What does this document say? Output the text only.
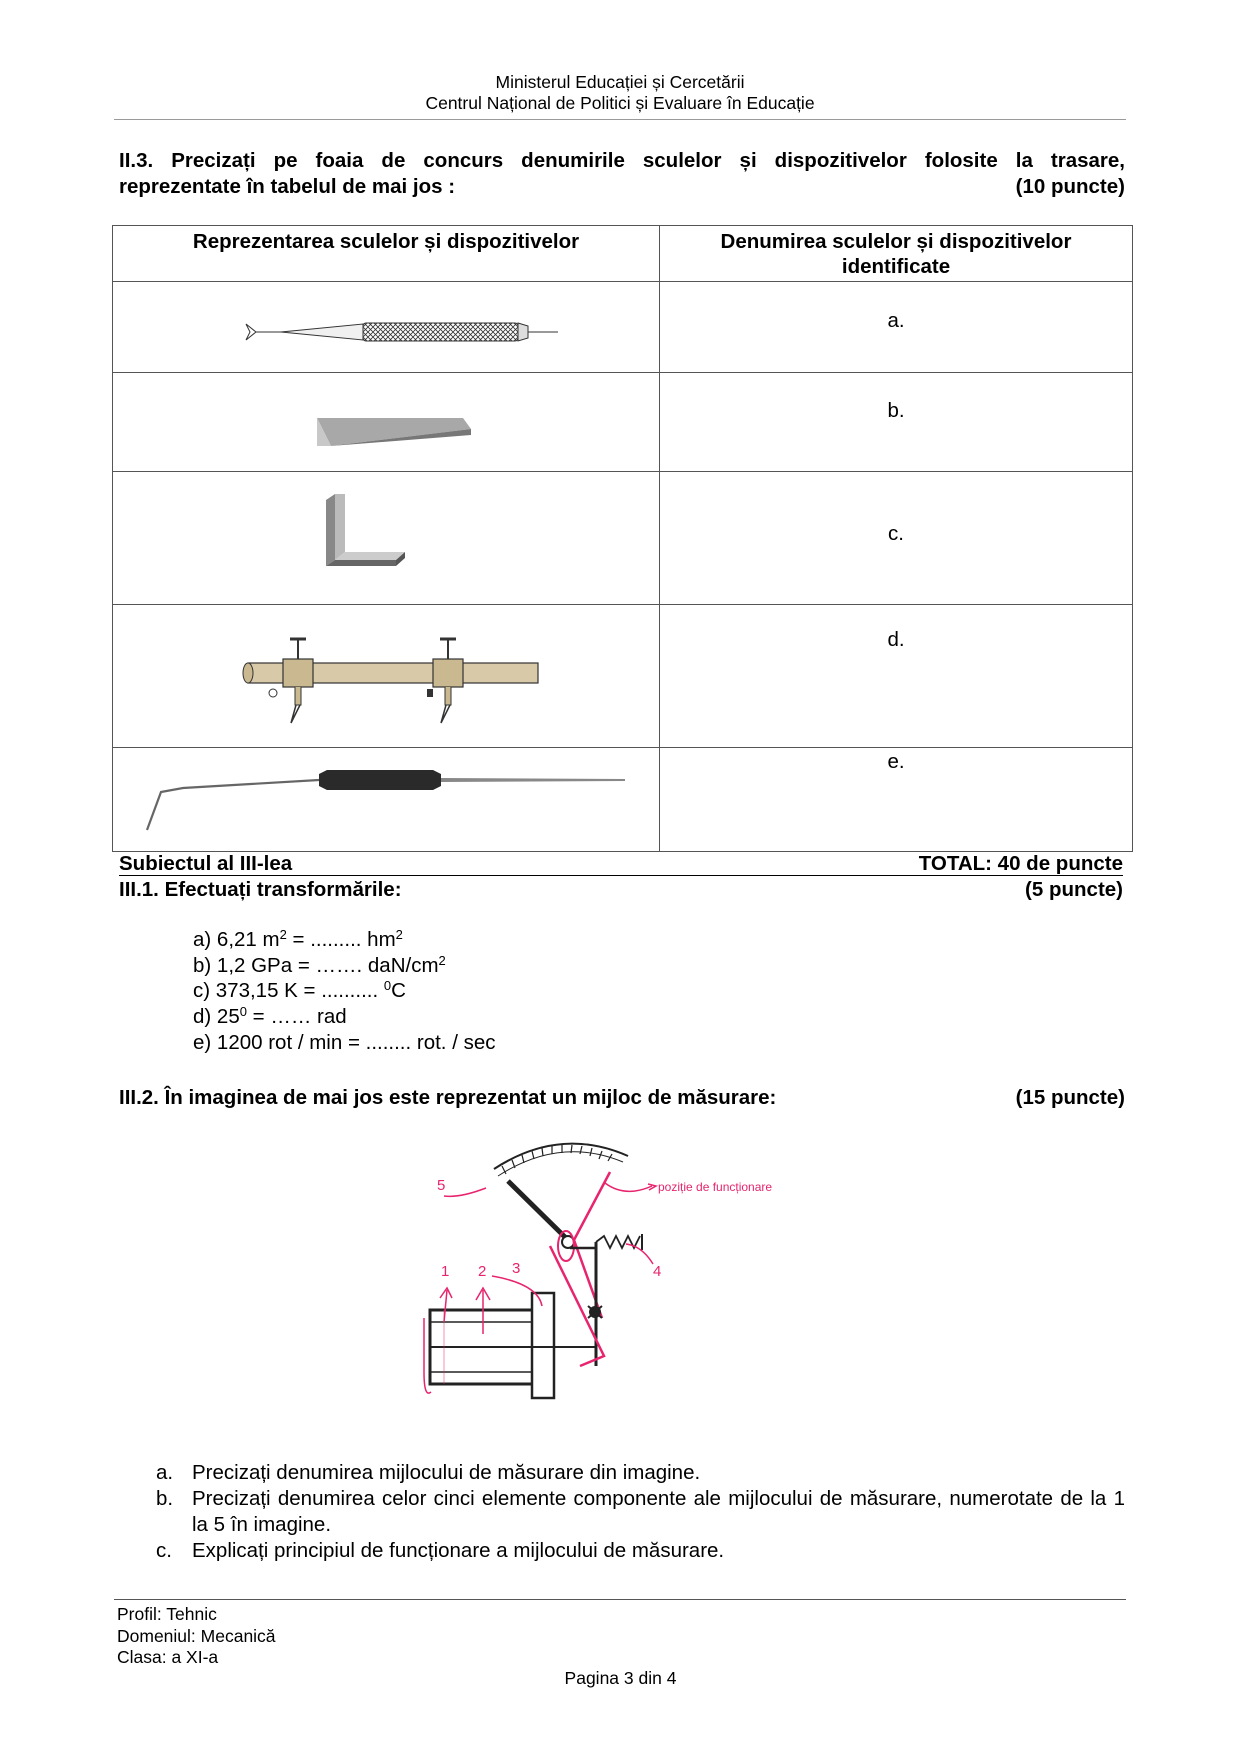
Ministerul Educației și Cercetării
Centrul Național de Politici și Evaluare în Educație
II.3. Precizați pe foaia de concurs denumirile sculelor și dispozitivelor folosite la trasare,
reprezentate în tabelul de mai jos :	(10 puncte)
Reprezentarea sculelor și dispozitivelor	Denumirea sculelor și dispozitivelor
identificate

a.

b.

c.

d.

e.
Subiectul al III-lea	TOTAL: 40 de puncte
III.1. Efectuați transformările:	(5 puncte)
a) 6,21 $m^2$ = ......... $hm^2$
b) 1,2 GPa = ……. daN/$cm^2$
c) 373,15 K = .......... $^0$C
d) $25^0$ = …… rad
e) 1200 rot / min = ........ rot. / sec
III.2. În imaginea de mai jos este reprezentat un mijloc de măsurare:	(15 puncte)
1 2 3	4
5	poziție de funcționare
a. Precizați denumirea mijlocului de măsurare din imagine.
b. Precizați denumirea celor cinci elemente componente ale mijlocului de măsurare, numerotate de la 1 la 5 în imagine.
c. Explicați principiul de funcționare a mijlocului de măsurare.
Profil: Tehnic
Domeniul: Mecanică
Clasa: a XI-a
Pagina 3 din 4
